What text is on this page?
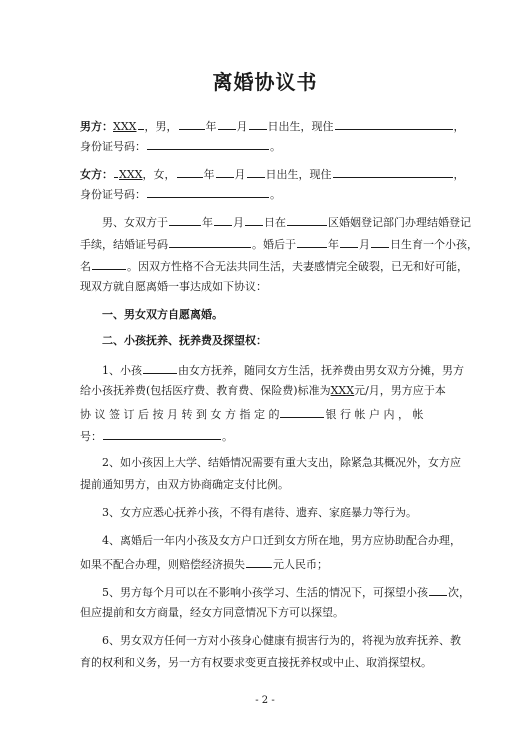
离婚协议书
男方：XXX ，男，	年 月 日出生，现住	，
身份证号码：	。
女方： XXX，女，	年 月 日出生，现住	，
身份证号码：	。
男、女双方于	年 月 日在	区婚姻登记部门办理结婚登记
手续，结婚证号码	。婚后于	年 月 日生育一个小孩，
名	。因双方性格不合无法共同生活，夫妻感情完全破裂，已无和好可能，
现双方就自愿离婚一事达成如下协议：
一、男女双方自愿离婚。
二、小孩抚养、抚养费及探望权：
1、小孩	由女方抚养，随同女方生活，抚养费由男女双方分摊，男方
给小孩抚养费(包括医疗费、教育费、保险费)标准为XXX元/月，男方应于本
协 议 签 订 后 按 月 转 到 女 方 指 定 的	银 行 帐 户 内 ， 帐
号：	。
2、如小孩因上大学、结婚情况需要有重大支出，除紧急其概况外，女方应
提前通知男方，由双方协商确定支付比例。
3、女方应悉心抚养小孩，不得有虐待、遗弃、家庭暴力等行为。
4、离婚后一年内小孩及女方户口迁到女方所在地，男方应协助配合办理，
如果不配合办理，则赔偿经济损失	元人民币；
5、男方每个月可以在不影响小孩学习、生活的情况下，可探望小孩 次，
但应提前和女方商量，经女方同意情况下方可以探望。
6、男女双方任何一方对小孩身心健康有损害行为的，将视为放弃抚养、教
育的权利和义务，另一方有权要求变更直接抚养权或中止、取消探望权。
- 2 -
